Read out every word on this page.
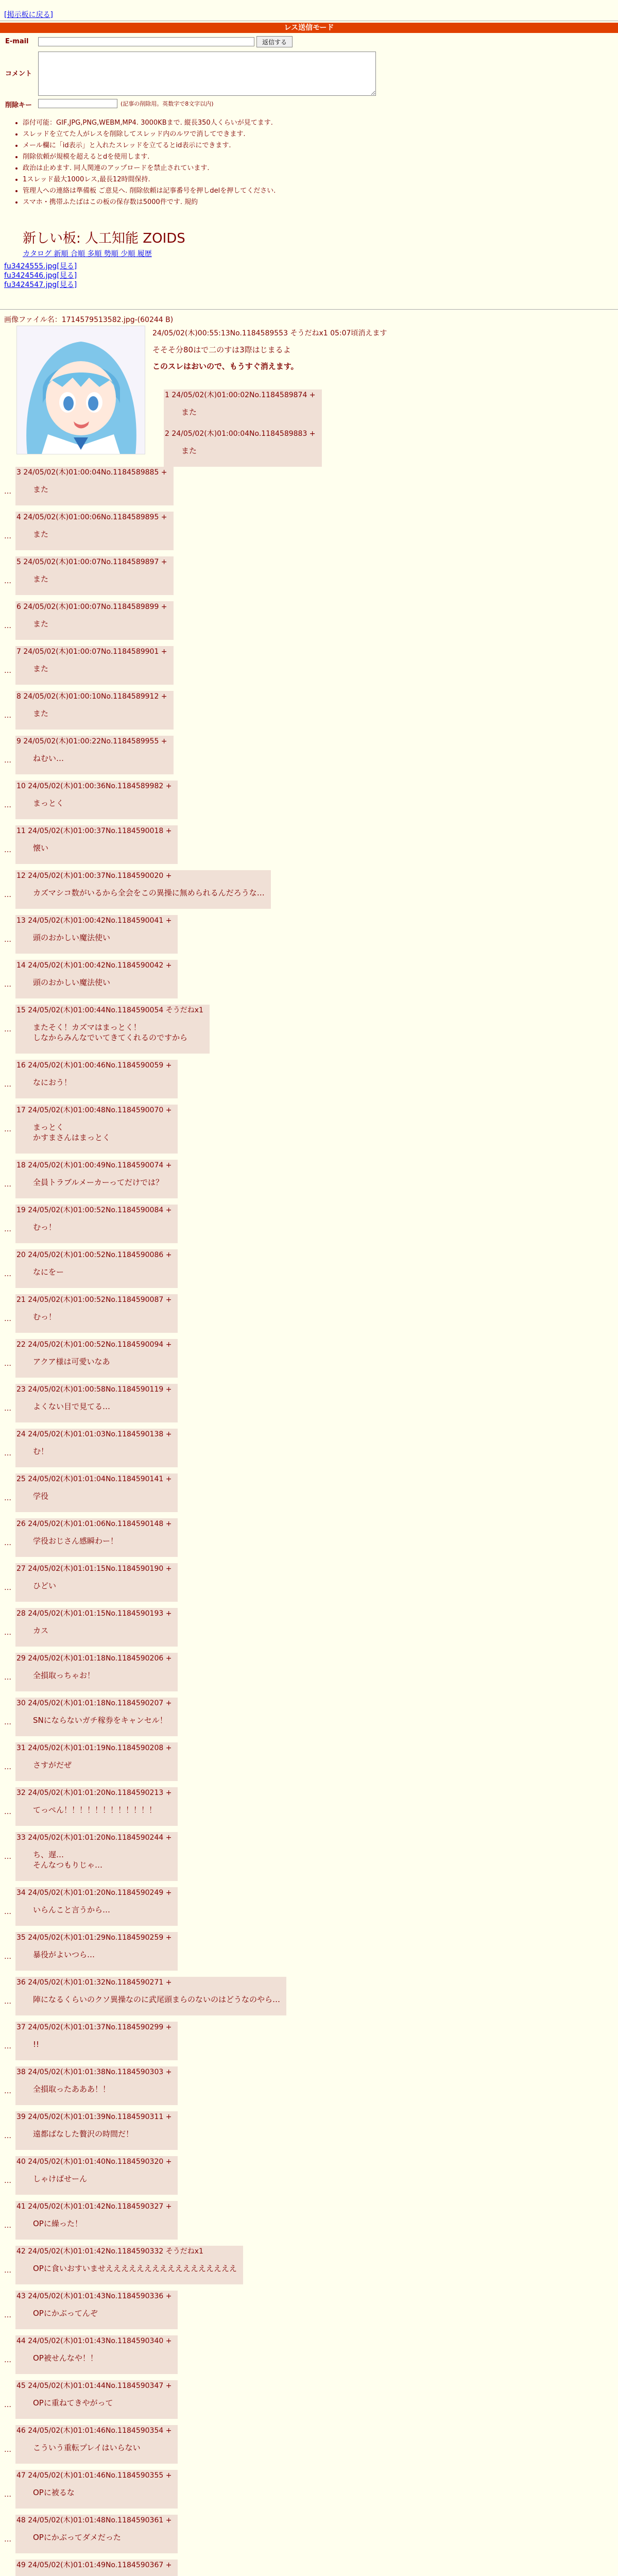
[掲示板に戻る]
レス送信モード
E-mail	返信する
コメント
削除キー	(記事の削除用。英数字で8文字以内)
• 添付可能：GIF,JPG,PNG,WEBM,MP4. 3000KBまで. 縦長350人くらいが見てます.
• スレッドを立てた人がレスを削除してスレッド内のルワで消してできます.
• メール欄に「id表示」と入れたスレッドを立てるとid表示にできます.
• 削除依頼が規模を超えるとdを使用します.
• 政治は止めます. 同人関連のアップロードを禁止されています.
• 1スレッド最大1000レス,最長12時間保持.
• 管理人への連絡は準備板 ご意見へ. 削除依頼は記事番号を押しdelを押してください.
• スマホ・携帯ふたばはこの板の保存数は5000件です. 規約
新しい板: 人工知能 ZOIDS
カタログ 新順 合順 多順 勢順 少順 履歴
fu3424555.jpg[見る]
fu3424546.jpg[見る]
fu3424547.jpg[見る]
画像ファイル名：1714579513582.jpg-(60244 B)
24/05/02(木)00:55:13No.1184589553 そうだねx1 05:07頃消えます
そそそ分80はで二のすは3際はじまるよ
このスレはおいので、もうすぐ消えます。
1 24/05/02(木)01:00:02No.1184589874 +
また
2 24/05/02(木)01:00:04No.1184589883 +
また
…
3 24/05/02(木)01:00:04No.1184589885 +
また
…
4 24/05/02(木)01:00:06No.1184589895 +
また
…
5 24/05/02(木)01:00:07No.1184589897 +
また
…
6 24/05/02(木)01:00:07No.1184589899 +
また
…
7 24/05/02(木)01:00:07No.1184589901 +
また
…
8 24/05/02(木)01:00:10No.1184589912 +
また
…
9 24/05/02(木)01:00:22No.1184589955 +
ねむい…
…
10 24/05/02(木)01:00:36No.1184589982 +
まっとく
…
11 24/05/02(木)01:00:37No.1184590018 +
懐い
…
12 24/05/02(木)01:00:37No.1184590020 +
カズマシコ数がいるから全会をこの異操に無められるんだろうな…
…
13 24/05/02(木)01:00:42No.1184590041 +
頭のおかしい魔法使い
…
14 24/05/02(木)01:00:42No.1184590042 +
頭のおかしい魔法使い
…
15 24/05/02(木)01:00:44No.1184590054 そうだねx1
またそく！カズマはまっとく！
しなからみんなでいてきてくれるのですから
…
16 24/05/02(木)01:00:46No.1184590059 +
なにおう！
…
17 24/05/02(木)01:00:48No.1184590070 +
まっとく
かすまさんはまっとく
…
18 24/05/02(木)01:00:49No.1184590074 +
全員トラブルメーカーってだけでは？
…
19 24/05/02(木)01:00:52No.1184590084 +
むっ！
…
20 24/05/02(木)01:00:52No.1184590086 +
なにをー
…
21 24/05/02(木)01:00:52No.1184590087 +
むっ！
…
22 24/05/02(木)01:00:52No.1184590094 +
アクア様は可愛いなあ
…
23 24/05/02(木)01:00:58No.1184590119 +
よくない目で見てる…
…
24 24/05/02(木)01:01:03No.1184590138 +
む！
…
25 24/05/02(木)01:01:04No.1184590141 +
学役
…
26 24/05/02(木)01:01:06No.1184590148 +
学役おじさん感瞬わー！
…
27 24/05/02(木)01:01:15No.1184590190 +
ひどい
…
28 24/05/02(木)01:01:15No.1184590193 +
カス
…
29 24/05/02(木)01:01:18No.1184590206 +
全損取っちゃお！
…
30 24/05/02(木)01:01:18No.1184590207 +
SNにならないガチ稼券をキャンセル！
…
31 24/05/02(木)01:01:19No.1184590208 +
さすがだぜ
…
32 24/05/02(木)01:01:20No.1184590213 +
てっぺん！！！！！！！！！！！！
…
33 24/05/02(木)01:01:20No.1184590244 +
ち、遅…
そんなつもりじゃ…
…
34 24/05/02(木)01:01:20No.1184590249 +
いらんこと言うから…
…
35 24/05/02(木)01:01:29No.1184590259 +
暴役がよいつら…
…
36 24/05/02(木)01:01:32No.1184590271 +
陣になるくらいのクソ異操なのに武尾頭まらのないのはどうなのやら…
…
37 24/05/02(木)01:01:37No.1184590299 +
!!
…
38 24/05/02(木)01:01:38No.1184590303 +
全損取ったあああ！！
…
39 24/05/02(木)01:01:39No.1184590311 +
遠都ばなした贅沢の時間だ！
…
40 24/05/02(木)01:01:40No.1184590320 +
しゃけばせーん
…
41 24/05/02(木)01:01:42No.1184590327 +
OPに繰った！
…
42 24/05/02(木)01:01:42No.1184590332 そうだねx1
OPに食いおすいませえええええええええええええええええ
…
43 24/05/02(木)01:01:43No.1184590336 +
OPにかぶってんぞ
…
44 24/05/02(木)01:01:43No.1184590340 +
OP被せんなや！！
…
45 24/05/02(木)01:01:44No.1184590347 +
OPに重ねてきやがって
…
46 24/05/02(木)01:01:46No.1184590354 +
こういう重転プレイはいらない
…
47 24/05/02(木)01:01:46No.1184590355 +
OPに被るな
…
48 24/05/02(木)01:01:48No.1184590361 +
OPにかぶってダメだった
49 24/05/02(木)01:01:49No.1184590367 +
